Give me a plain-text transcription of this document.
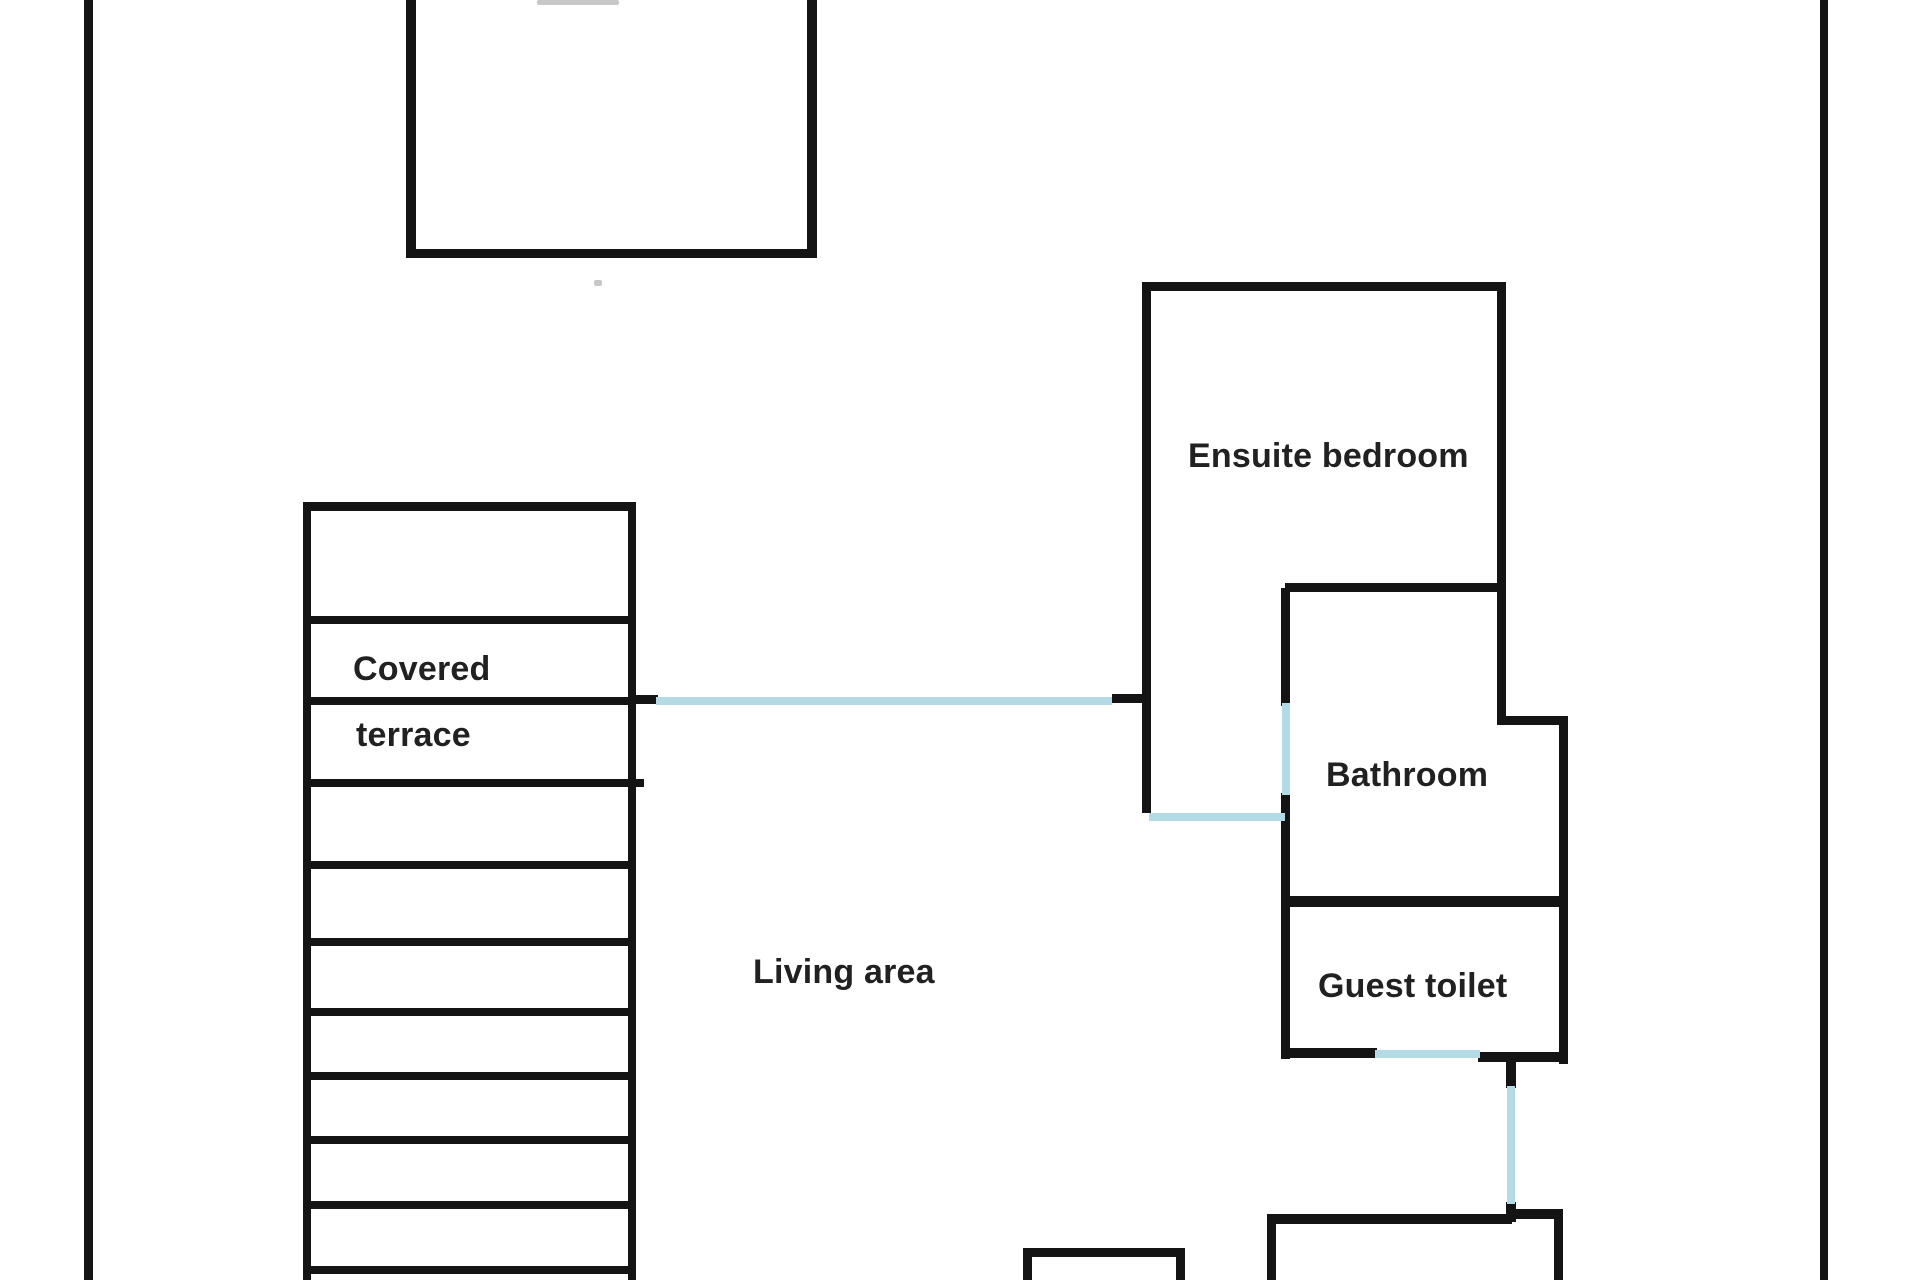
Covered
terrace
Ensuite bedroom
Bathroom
Guest toilet
Living area
